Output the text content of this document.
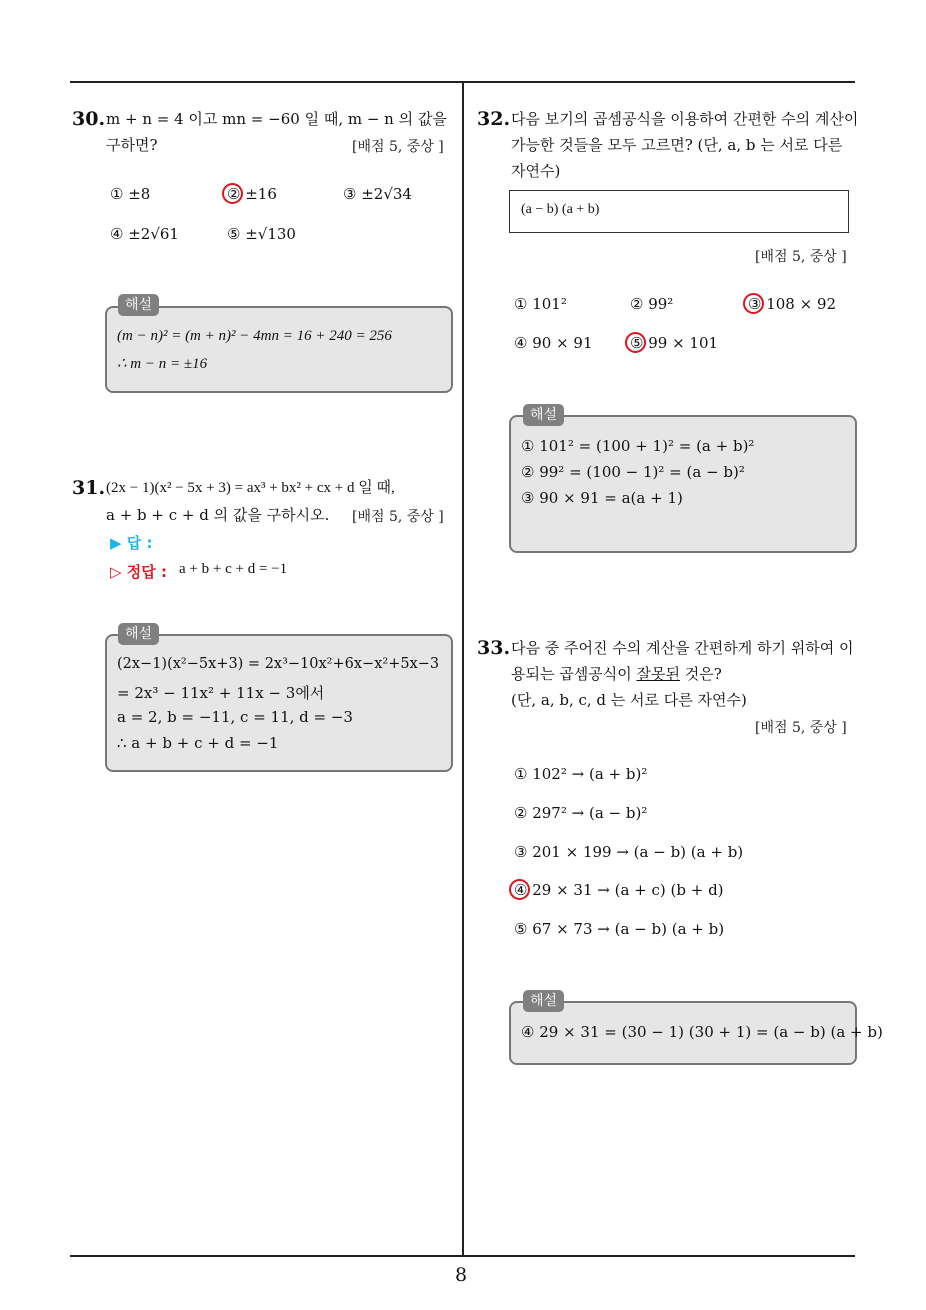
8
30. m + n = 4 이고 mn = −60 일 때, m − n 의 값을
구하면?	[배점 5, 중상 ]
① ±8	② ±16	③ ±2√34
④ ±2√61	⑤ ±√130
해설
(m − n)² = (m + n)² − 4mn = 16 + 240 = 256
∴ m − n = ±16
31. (2x − 1)(x² − 5x + 3) = ax³ + bx² + cx + d 일 때,
a + b + c + d 의 값을 구하시오. [배점 5, 중상 ]
▶ 답 :
▷ 정답 : a + b + c + d = −1
해설
(2x−1)(x²−5x+3) = 2x³−10x²+6x−x²+5x−3
= 2x³ − 11x² + 11x − 3에서
a = 2, b = −11, c = 11, d = −3
∴ a + b + c + d = −1
32. 다음 보기의 곱셈공식을 이용하여 간편한 수의 계산이
가능한 것들을 모두 고르면? (단, a, b 는 서로 다른
자연수)
(a − b) (a + b)
[배점 5, 중상 ]
① 101²	② 99²	③ 108 × 92
④ 90 × 91	⑤ 99 × 101
해설
① 101² = (100 + 1)² = (a + b)²
② 99² = (100 − 1)² = (a − b)²
③ 90 × 91 = a(a + 1)
33. 다음 중 주어진 수의 계산을 간편하게 하기 위하여 이
용되는 곱셈공식이 잘못된 것은?
(단, a, b, c, d 는 서로 다른 자연수)
[배점 5, 중상 ]
① 102² → (a + b)²
② 297² → (a − b)²
③ 201 × 199 → (a − b) (a + b)
④ 29 × 31 → (a + c) (b + d)
⑤ 67 × 73 → (a − b) (a + b)
해설
④ 29 × 31 = (30 − 1) (30 + 1) = (a − b) (a + b)
